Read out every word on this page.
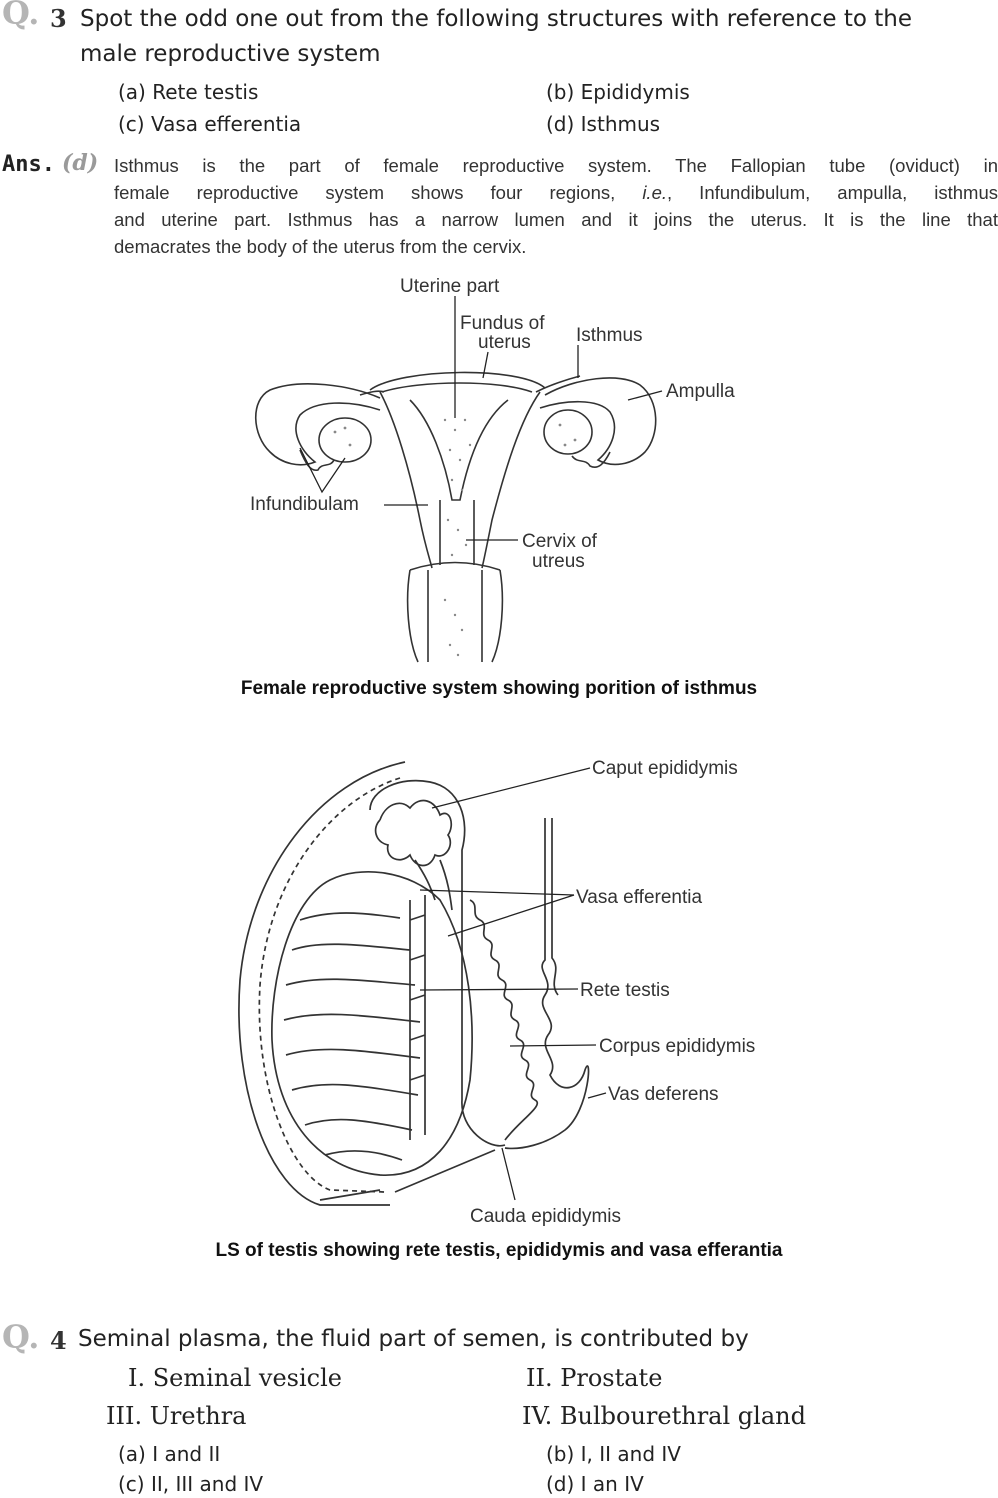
Q. 3 Spot the odd one out from the following structures with reference to the
male reproductive system
(a) Rete testis	(b) Epididymis
(c) Vasa efferentia	(d) Isthmus
Ans. (d) Isthmus is the part of female reproductive system. The Fallopian tube (oviduct) in
female reproductive system shows four regions, i.e., Infundibulum, ampulla, isthmus
and uterine part. Isthmus has a narrow lumen and it joins the uterus. It is the line that
demacrates the body of the uterus from the cervix.
Uterine part
Fundus of
uterus Isthmus
Ampulla
Infundibulam
Cervix of
utreus
Female reproductive system showing porition of isthmus
Caput epididymis
Vasa efferentia
Rete testis
Corpus epididymis
Vas deferens
Cauda epididymis
LS of testis showing rete testis, epididymis and vasa efferantia
Q. 4 Seminal plasma, the fluid part of semen, is contributed by
I. Seminal vesicle	II. Prostate
III. Urethra	IV. Bulbourethral gland
(a) I and II	(b) I, II and IV
(c) II, III and IV	(d) I an IV
